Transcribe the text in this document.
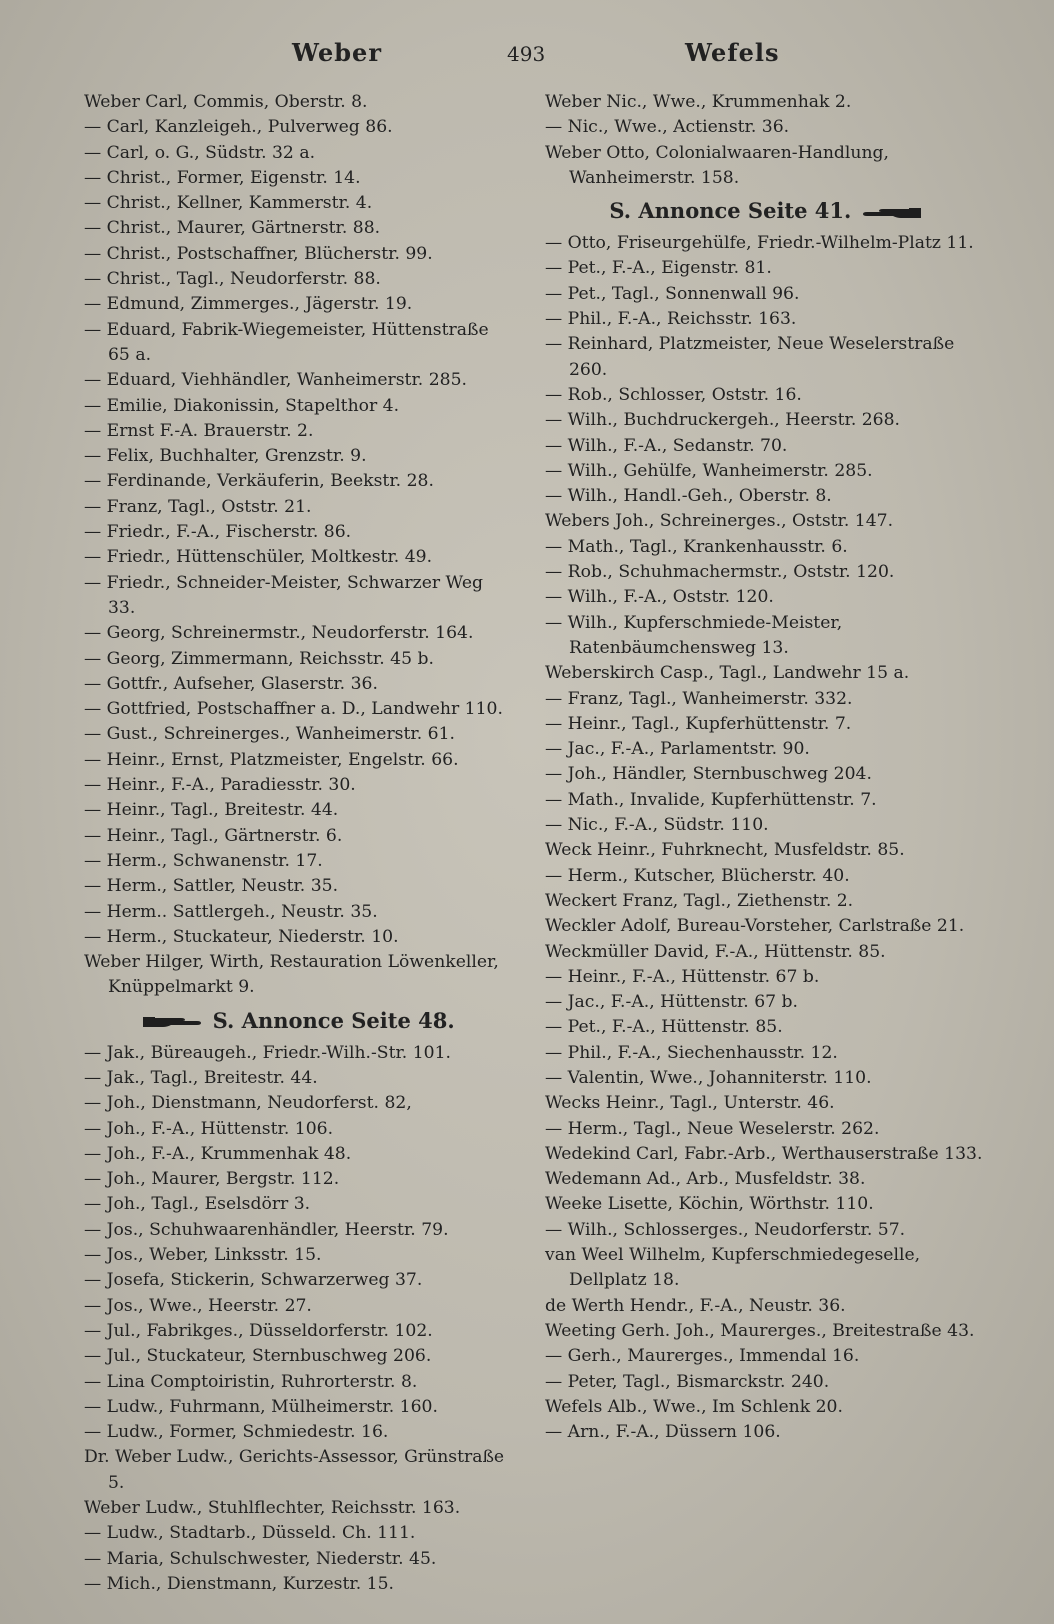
Weber	493	Wefels
Weber Carl, Commis, Oberstr. 8.
— Carl, Kanzleigeh., Pulverweg 86.
— Carl, o. G., Südstr. 32 a.
— Christ., Former, Eigenstr. 14.
— Christ., Kellner, Kammerstr. 4.
— Christ., Maurer, Gärtnerstr. 88.
— Christ., Postschaffner, Blücherstr. 99.
— Christ., Tagl., Neudorferstr. 88.
— Edmund, Zimmerges., Jägerstr. 19.
— Eduard, Fabrik-Wiegemeister, Hüttenstraße 65 a.
— Eduard, Viehhändler, Wanheimerstr. 285.
— Emilie, Diakonissin, Stapelthor 4.
— Ernst F.-A. Brauerstr. 2.
— Felix, Buchhalter, Grenzstr. 9.
— Ferdinande, Verkäuferin, Beekstr. 28.
— Franz, Tagl., Oststr. 21.
— Friedr., F.-A., Fischerstr. 86.
— Friedr., Hüttenschüler, Moltkestr. 49.
— Friedr., Schneider-Meister, Schwarzer Weg 33.
— Georg, Schreinermstr., Neudorferstr. 164.
— Georg, Zimmermann, Reichsstr. 45 b.
— Gottfr., Aufseher, Glaserstr. 36.
— Gottfried, Postschaffner a. D., Landwehr 110.
— Gust., Schreinerges., Wanheimerstr. 61.
— Heinr., Ernst, Platzmeister, Engelstr. 66.
— Heinr., F.-A., Paradiesstr. 30.
— Heinr., Tagl., Breitestr. 44.
— Heinr., Tagl., Gärtnerstr. 6.
— Herm., Schwanenstr. 17.
— Herm., Sattler, Neustr. 35.
— Herm.. Sattlergeh., Neustr. 35.
— Herm., Stuckateur, Niederstr. 10.
Weber Hilger, Wirth, Restauration Löwenkeller, Knüppelmarkt 9.
S. Annonce Seite 48.
— Jak., Büreaugeh., Friedr.-Wilh.-Str. 101.
— Jak., Tagl., Breitestr. 44.
— Joh., Dienstmann, Neudorferst. 82,
— Joh., F.-A., Hüttenstr. 106.
— Joh., F.-A., Krummenhak 48.
— Joh., Maurer, Bergstr. 112.
— Joh., Tagl., Eselsdörr 3.
— Jos., Schuhwaarenhändler, Heerstr. 79.
— Jos., Weber, Linksstr. 15.
— Josefa, Stickerin, Schwarzerweg 37.
— Jos., Wwe., Heerstr. 27.
— Jul., Fabrikges., Düsseldorferstr. 102.
— Jul., Stuckateur, Sternbuschweg 206.
— Lina Comptoiristin, Ruhrorterstr. 8.
— Ludw., Fuhrmann, Mülheimerstr. 160.
— Ludw., Former, Schmiedestr. 16.
Dr. Weber Ludw., Gerichts-Assessor, Grünstraße 5.
Weber Ludw., Stuhlflechter, Reichsstr. 163.
— Ludw., Stadtarb., Düsseld. Ch. 111.
— Maria, Schulschwester, Niederstr. 45.
— Mich., Dienstmann, Kurzestr. 15.
Weber Nic., Wwe., Krummenhak 2.
— Nic., Wwe., Actienstr. 36.
Weber Otto, Colonialwaaren-Handlung, Wanheimerstr. 158.
S. Annonce Seite 41.
— Otto, Friseurgehülfe, Friedr.-Wilhelm-Platz 11.
— Pet., F.-A., Eigenstr. 81.
— Pet., Tagl., Sonnenwall 96.
— Phil., F.-A., Reichsstr. 163.
— Reinhard, Platzmeister, Neue Weselerstraße 260.
— Rob., Schlosser, Oststr. 16.
— Wilh., Buchdruckergeh., Heerstr. 268.
— Wilh., F.-A., Sedanstr. 70.
— Wilh., Gehülfe, Wanheimerstr. 285.
— Wilh., Handl.-Geh., Oberstr. 8.
Webers Joh., Schreinerges., Oststr. 147.
— Math., Tagl., Krankenhausstr. 6.
— Rob., Schuhmachermstr., Oststr. 120.
— Wilh., F.-A., Oststr. 120.
— Wilh., Kupferschmiede-Meister, Ratenbäumchensweg 13.
Weberskirch Casp., Tagl., Landwehr 15 a.
— Franz, Tagl., Wanheimerstr. 332.
— Heinr., Tagl., Kupferhüttenstr. 7.
— Jac., F.-A., Parlamentstr. 90.
— Joh., Händler, Sternbuschweg 204.
— Math., Invalide, Kupferhüttenstr. 7.
— Nic., F.-A., Südstr. 110.
Weck Heinr., Fuhrknecht, Musfeldstr. 85.
— Herm., Kutscher, Blücherstr. 40.
Weckert Franz, Tagl., Ziethenstr. 2.
Weckler Adolf, Bureau-Vorsteher, Carlstraße 21.
Weckmüller David, F.-A., Hüttenstr. 85.
— Heinr., F.-A., Hüttenstr. 67 b.
— Jac., F.-A., Hüttenstr. 67 b.
— Pet., F.-A., Hüttenstr. 85.
— Phil., F.-A., Siechenhausstr. 12.
— Valentin, Wwe., Johanniterstr. 110.
Wecks Heinr., Tagl., Unterstr. 46.
— Herm., Tagl., Neue Weselerstr. 262.
Wedekind Carl, Fabr.-Arb., Werthauserstraße 133.
Wedemann Ad., Arb., Musfeldstr. 38.
Weeke Lisette, Köchin, Wörthstr. 110.
— Wilh., Schlosserges., Neudorferstr. 57.
van Weel Wilhelm, Kupferschmiedegeselle, Dellplatz 18.
de Werth Hendr., F.-A., Neustr. 36.
Weeting Gerh. Joh., Maurerges., Breitestraße 43.
— Gerh., Maurerges., Immendal 16.
— Peter, Tagl., Bismarckstr. 240.
Wefels Alb., Wwe., Im Schlenk 20.
— Arn., F.-A., Düssern 106.
